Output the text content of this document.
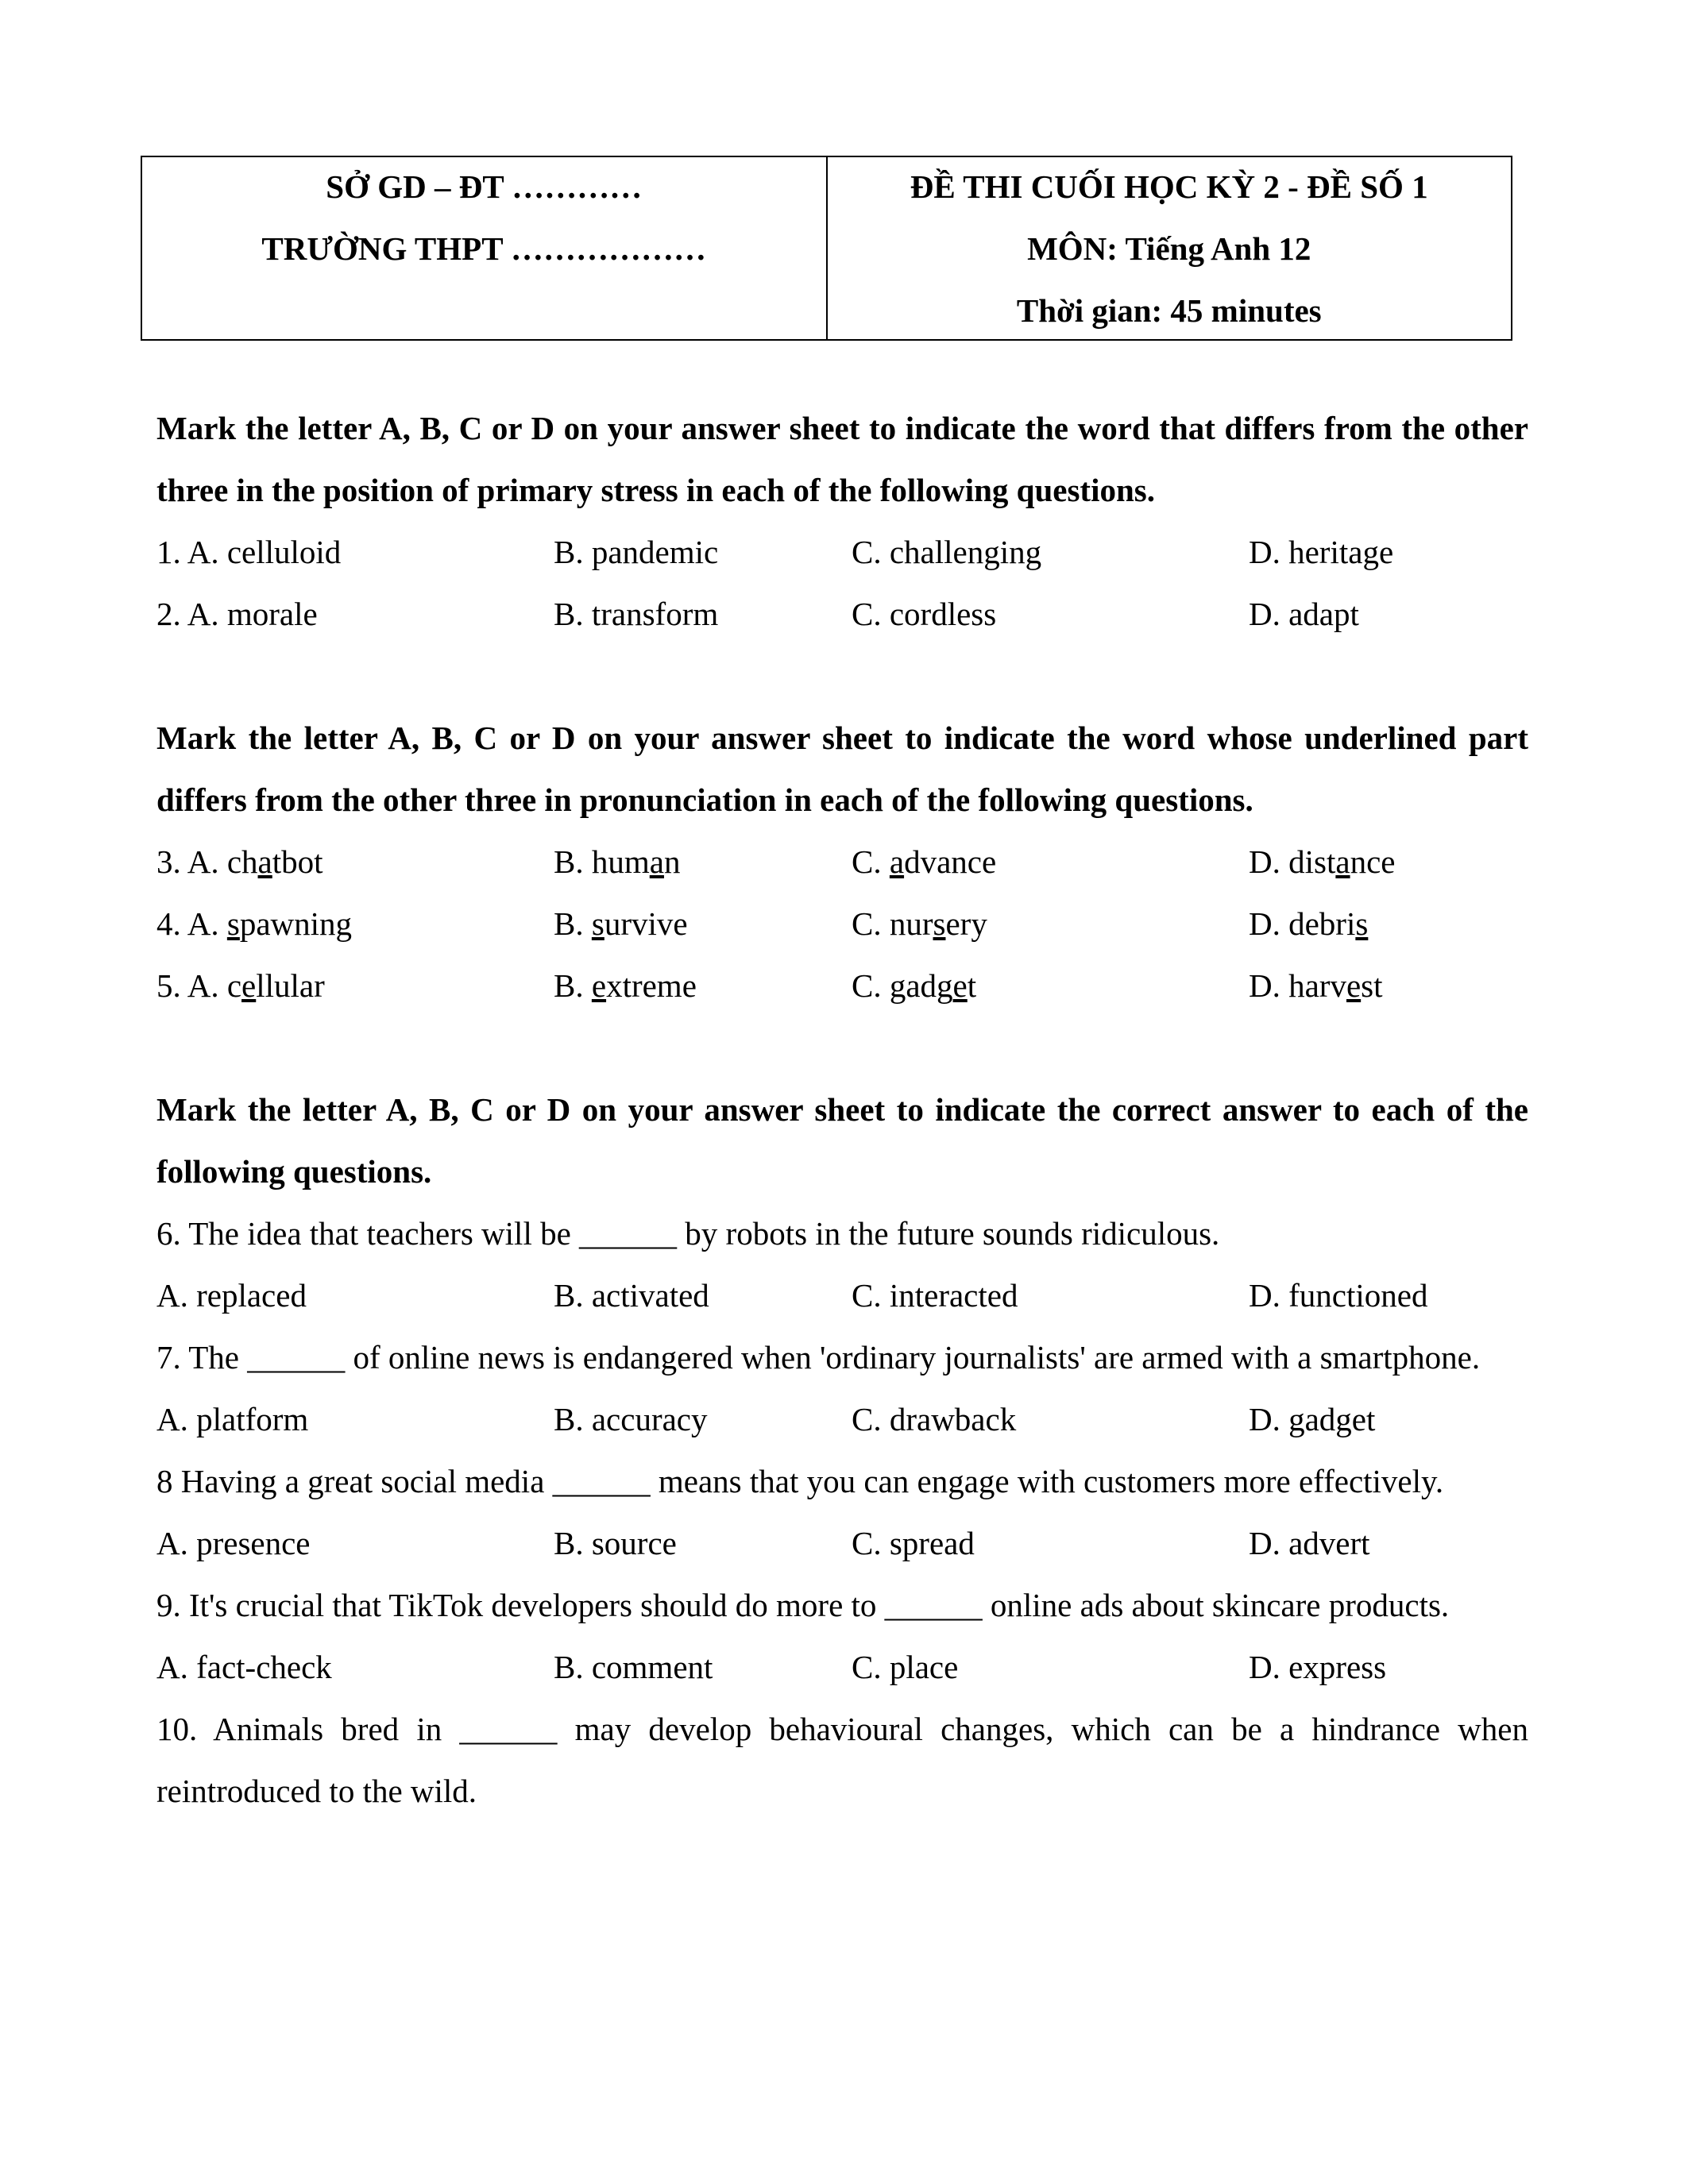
SỞ GD – ĐT …………
TRƯỜNG THPT ………………
ĐỀ THI CUỐI HỌC KỲ 2 - ĐỀ SỐ 1
MÔN: Tiếng Anh 12
Thời gian: 45 minutes
Mark the letter A, B, C or D on your answer sheet to indicate the word that differs from the other three in the position of primary stress in each of the following questions.
1. A. celluloid	B. pandemic	C. challenging	D. heritage
2. A. morale	B. transform	C. cordless	D. adapt
Mark the letter A, B, C or D on your answer sheet to indicate the word whose underlined part differs from the other three in pronunciation in each of the following questions.
3. A. chatbot	B. human	C. advance	D. distance
4. A. spawning	B. survive	C. nursery	D. debris
5. A. cellular	B. extreme	C. gadget	D. harvest
Mark the letter A, B, C or D on your answer sheet to indicate the correct answer to each of the following questions.
6. The idea that teachers will be ______ by robots in the future sounds ridiculous.
A. replaced	B. activated	C. interacted	D. functioned
7. The ______ of online news is endangered when 'ordinary journalists' are armed with a smartphone.
A. platform	B. accuracy	C. drawback	D. gadget
8 Having a great social media ______ means that you can engage with customers more effectively.
A. presence	B. source	C. spread	D. advert
9. It's crucial that TikTok developers should do more to ______ online ads about skincare products.
A. fact-check	B. comment	C. place	D. express
10. Animals bred in ______ may develop behavioural changes, which can be a hindrance when reintroduced to the wild.
